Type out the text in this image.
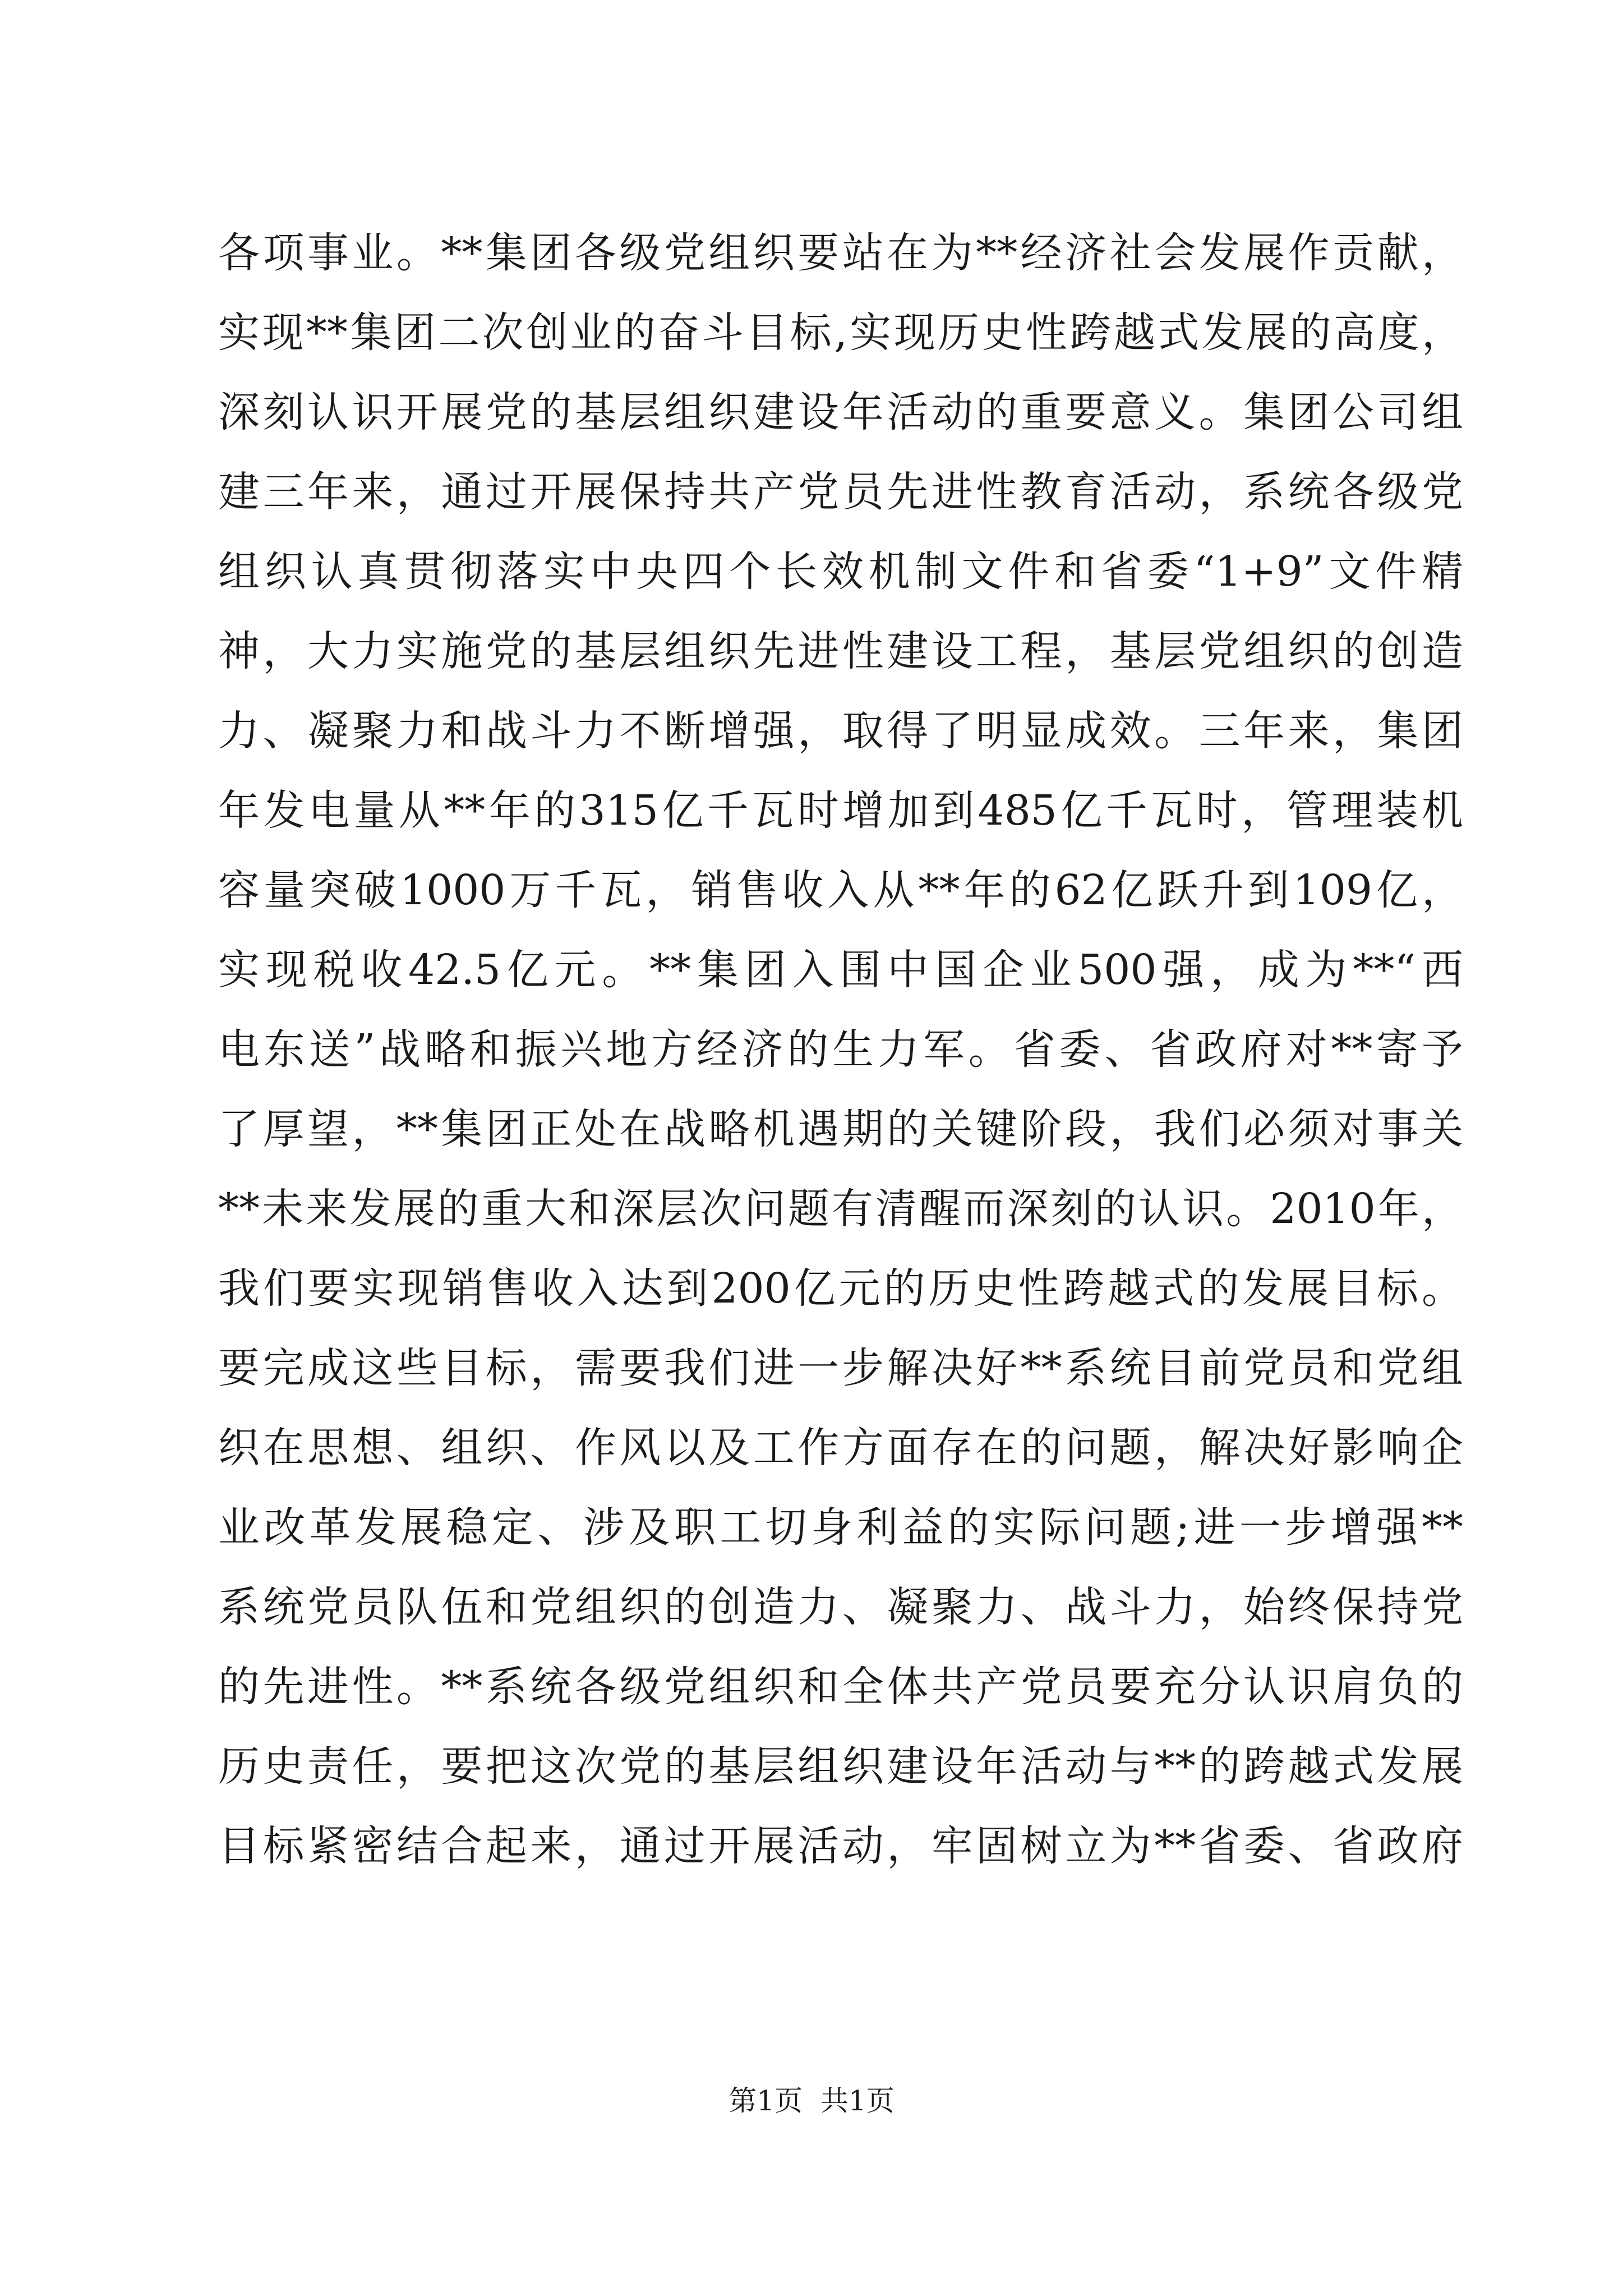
各项事业。**集团各级党组织要站在为**经济社会发展作贡献，
实现**集团二次创业的奋斗目标,实现历史性跨越式发展的高度，
深刻认识开展党的基层组织建设年活动的重要意义。集团公司组
建三年来，通过开展保持共产党员先进性教育活动，系统各级党
组织认真贯彻落实中央四个长效机制文件和省委“1+9”文件精
神，大力实施党的基层组织先进性建设工程，基层党组织的创造
力、凝聚力和战斗力不断增强，取得了明显成效。三年来，集团
年发电量从**年的315亿千瓦时增加到485亿千瓦时，管理装机
容量突破1000万千瓦，销售收入从**年的62亿跃升到109亿，
实现税收42.5亿元。**集团入围中国企业500强，成为**“西
电东送”战略和振兴地方经济的生力军。省委、省政府对**寄予
了厚望，**集团正处在战略机遇期的关键阶段，我们必须对事关
**未来发展的重大和深层次问题有清醒而深刻的认识。2010年，
我们要实现销售收入达到200亿元的历史性跨越式的发展目标。
要完成这些目标，需要我们进一步解决好**系统目前党员和党组
织在思想、组织、作风以及工作方面存在的问题，解决好影响企
业改革发展稳定、涉及职工切身利益的实际问题;进一步增强**
系统党员队伍和党组织的创造力、凝聚力、战斗力，始终保持党
的先进性。**系统各级党组织和全体共产党员要充分认识肩负的
历史责任，要把这次党的基层组织建设年活动与**的跨越式发展
目标紧密结合起来，通过开展活动，牢固树立为**省委、省政府
第1页  共1页
